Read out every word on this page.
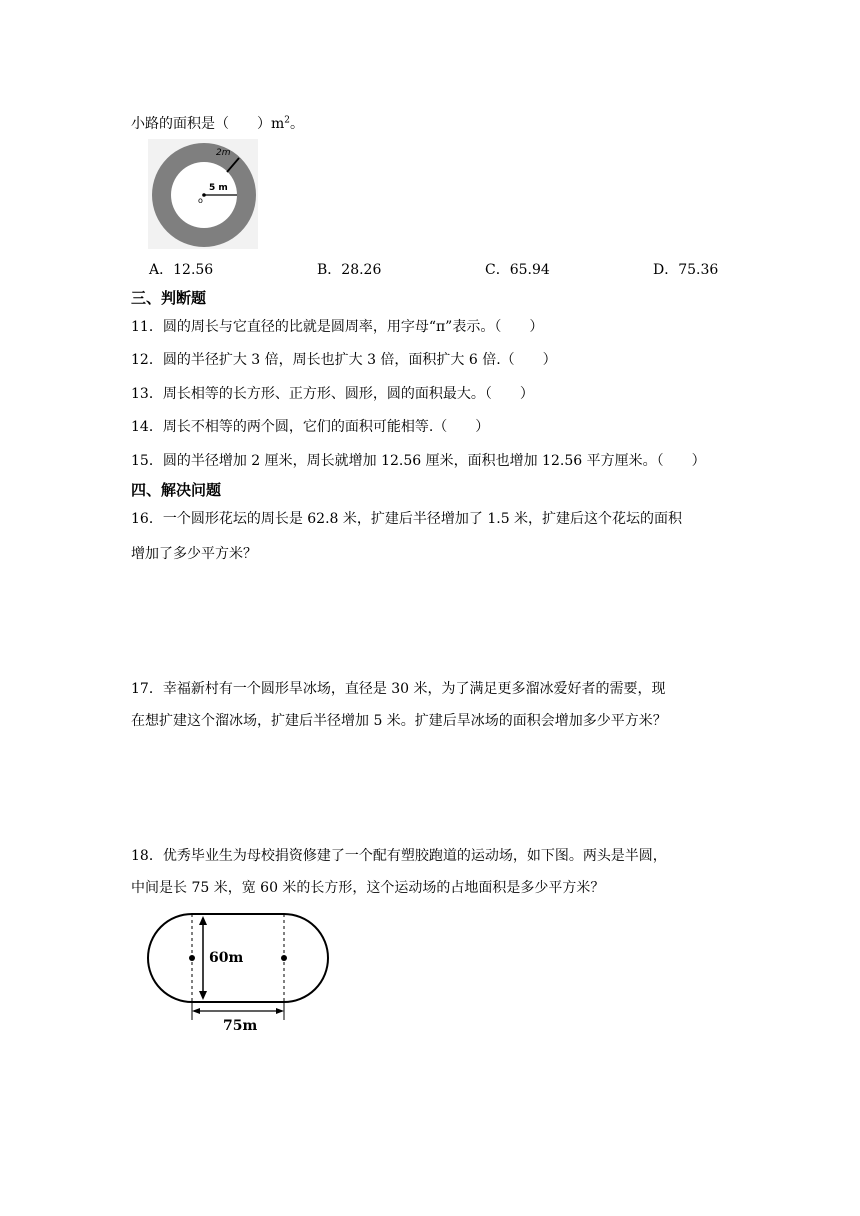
小路的面积是（　　）$m^2$。
2m
5 m
o
A．12.56	B．28.26	C．65.94	D．75.36
三、判断题
11．圆的周长与它直径的比就是圆周率，用字母“π”表示。（　　）
12．圆的半径扩大 3 倍，周长也扩大 3 倍，面积扩大 6 倍.（　　）
13．周长相等的长方形、正方形、圆形，圆的面积最大。（　　）
14．周长不相等的两个圆，它们的面积可能相等.（　　）
15．圆的半径增加 2 厘米，周长就增加 12.56 厘米，面积也增加 12.56 平方厘米。（　　）
四、解决问题
16．一个圆形花坛的周长是 62.8 米，扩建后半径增加了 1.5 米，扩建后这个花坛的面积
增加了多少平方米？
17．幸福新村有一个圆形旱冰场，直径是 30 米，为了满足更多溜冰爱好者的需要，现
在想扩建这个溜冰场，扩建后半径增加 5 米。扩建后旱冰场的面积会增加多少平方米？
18．优秀毕业生为母校捐资修建了一个配有塑胶跑道的运动场，如下图。两头是半圆，
中间是长 75 米，宽 60 米的长方形，这个运动场的占地面积是多少平方米？
60m
75m
